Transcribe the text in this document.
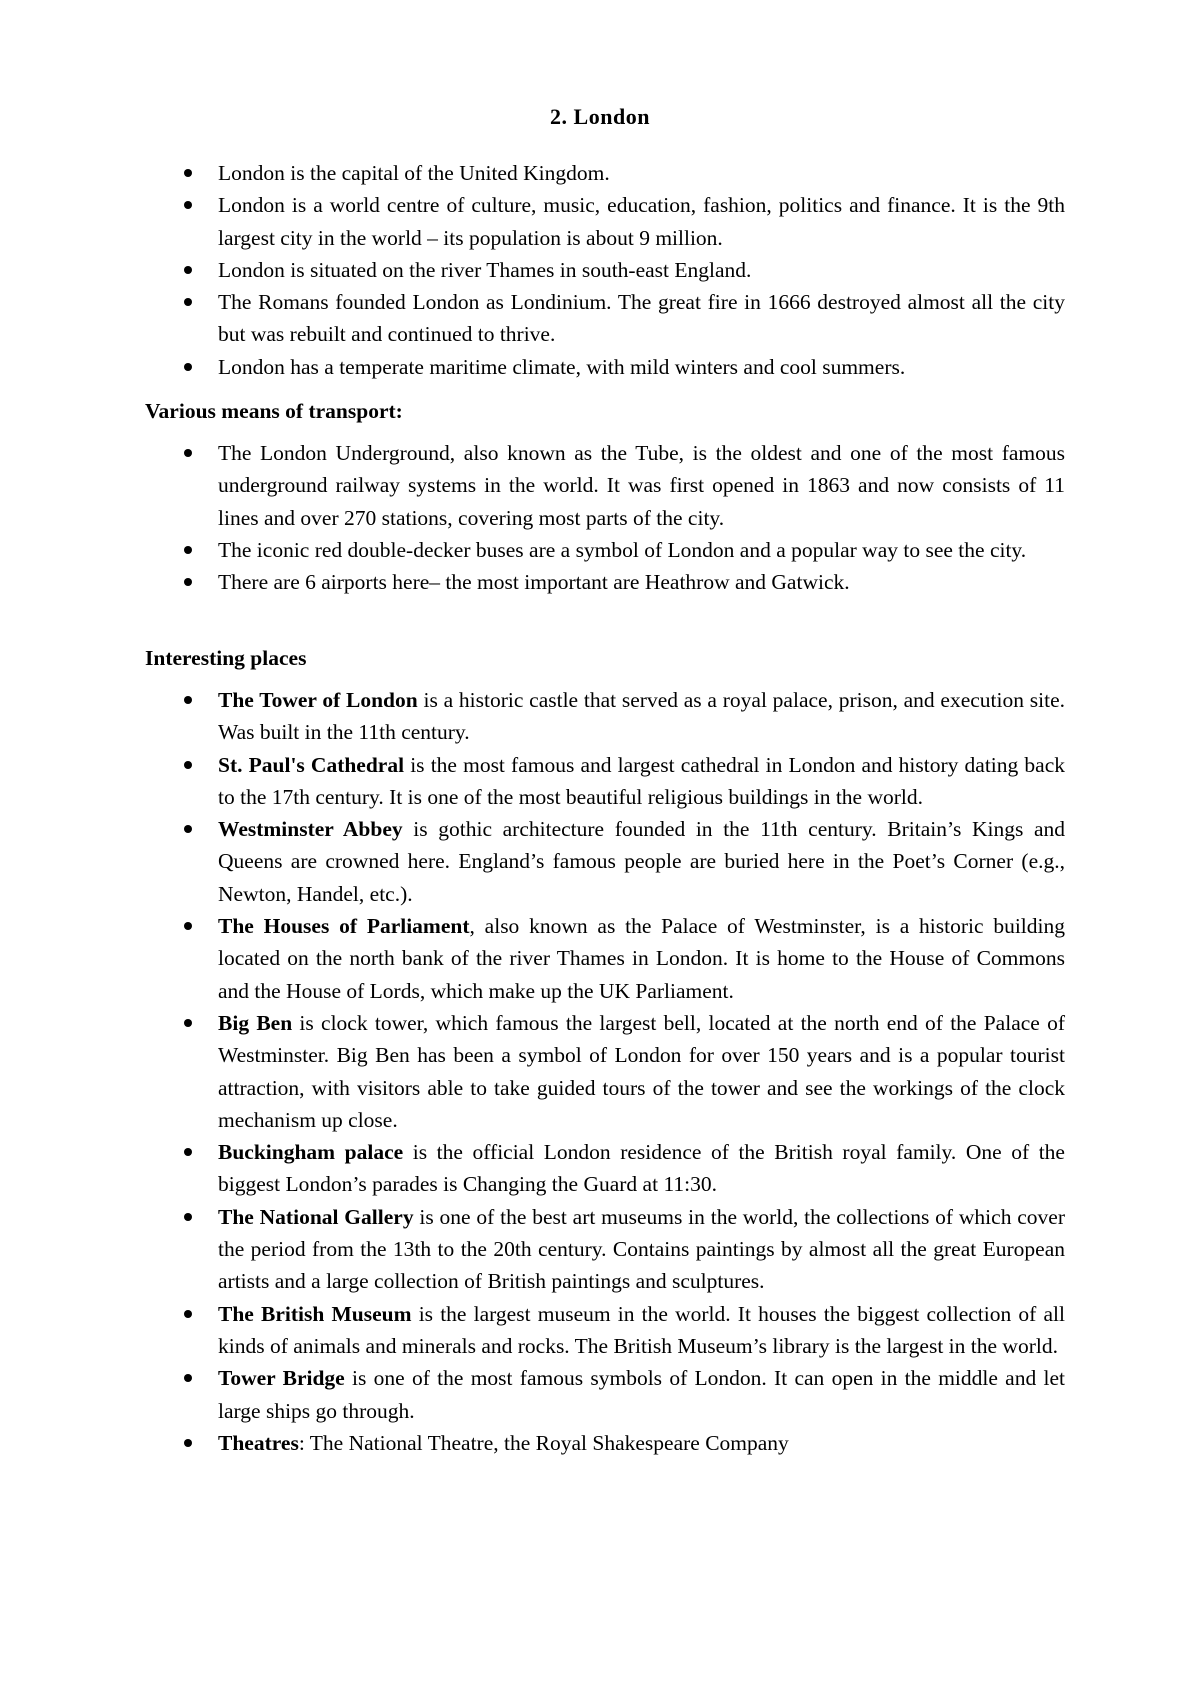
2. London
London is the capital of the United Kingdom.
London is a world centre of culture, music, education, fashion, politics and finance. It is the 9th largest city in the world – its population is about 9 million.
London is situated on the river Thames in south-east England.
The Romans founded London as Londinium. The great fire in 1666 destroyed almost all the city but was rebuilt and continued to thrive.
London has a temperate maritime climate, with mild winters and cool summers.

Various means of transport:

The London Underground, also known as the Tube, is the oldest and one of the most famous underground railway systems in the world. It was first opened in 1863 and now consists of 11 lines and over 270 stations, covering most parts of the city.
The iconic red double-decker buses are a symbol of London and a popular way to see the city.
There are 6 airports here– the most important are Heathrow and Gatwick.

Interesting places

The Tower of London is a historic castle that served as a royal palace, prison, and execution site. Was built in the 11th century.
St. Paul's Cathedral is the most famous and largest cathedral in London and history dating back to the 17th century. It is one of the most beautiful religious buildings in the world.
Westminster Abbey is gothic architecture founded in the 11th century. Britain’s Kings and Queens are crowned here. England’s famous people are buried here in the Poet’s Corner (e.g., Newton, Handel, etc.).
The Houses of Parliament, also known as the Palace of Westminster, is a historic building located on the north bank of the river Thames in London. It is home to the House of Commons and the House of Lords, which make up the UK Parliament.
Big Ben is clock tower, which famous the largest bell, located at the north end of the Palace of Westminster. Big Ben has been a symbol of London for over 150 years and is a popular tourist attraction, with visitors able to take guided tours of the tower and see the workings of the clock mechanism up close.
Buckingham palace is the official London residence of the British royal family. One of the biggest London’s parades is Changing the Guard at 11:30.
The National Gallery is one of the best art museums in the world, the collections of which cover the period from the 13th to the 20th century. Contains paintings by almost all the great European artists and a large collection of British paintings and sculptures.
The British Museum is the largest museum in the world. It houses the biggest collection of all kinds of animals and minerals and rocks. The British Museum’s library is the largest in the world.
Tower Bridge is one of the most famous symbols of London. It can open in the middle and let large ships go through.
Theatres: The National Theatre, the Royal Shakespeare Company
